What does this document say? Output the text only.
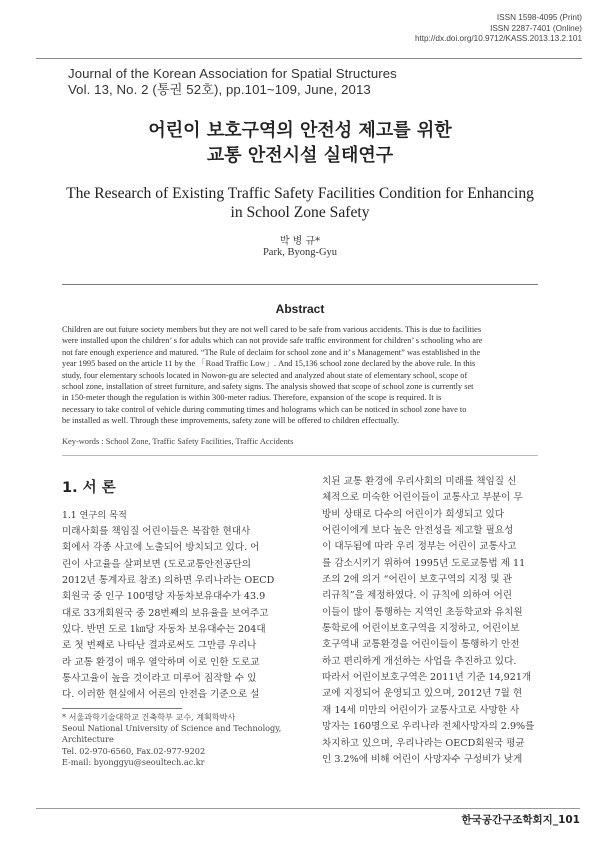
ISSN 1598-4095 (Print)
ISSN 2287-7401 (Online)
http://dx.doi.org/10.9712/KASS.2013.13.2.101
Journal of the Korean Association for Spatial Structures
Vol. 13, No. 2 (통권 52호), pp.101~109, June, 2013
어린이 보호구역의 안전성 제고를 위한
교통 안전시설 실태연구
The Research of Existing Traffic Safety Facilities Condition for Enhancing
in School Zone Safety
박 병 규*
Park, Byong-Gyu
Abstract
Children are out future society members but they are not well cared to be safe from various accidents. This is due to facilities
were installed upon the children’ s for adults which can not provide safe traffic environment for children’ s schooling who are
not fare enough experience and matured. “The Rule of declaim for school zone and it’ s Management” was established in the
year 1995 based on the article 11 by the 「Road Traffic Low」. And 15,136 school zone declared by the above rule. In this
study, four elementary schools located in Nowon-gu are selected and analyzed about state of elementary school, scope of
school zone, installation of street furniture, and safety signs. The analysis showed that scope of school zone is currently set
in 150-meter though the regulation is within 300-meter radius. Therefore, expansion of the scope is required. It is
necessary to take control of vehicle during commuting times and holograms which can be noticed in school zone have to
be installed as well. Through these improvements, safety zone will be offered to children effectually.
Key-words : School Zone, Traffic Safety Facilities, Traffic Accidents
1. 서 론
1.1 연구의 목적
미래사회를 책임질 어린이들은 복잡한 현대사
회에서 각종 사고에 노출되어 방치되고 있다. 어
린이 사고율을 살펴보면 (도로교통안전공단의
2012년 통계자료 참조) 의하면 우리나라는 OECD
회원국 중 인구 100명당 자동차보유대수가 43.9
대로 33개회원국 중 28번째의 보유율을 보여주고
있다. 반면 도로 1㎞당 자동차 보유대수는 204대
로 첫 번째로 나타난 결과로써도 그만큼 우리나
라 교통 환경이 매우 열악하며 이로 인한 도로교
통사고율이 높을 것이라고 미루어 짐작할 수 있
다. 이러한 현실에서 어른의 안전을 기준으로 설
치된 교통 환경에 우리사회의 미래를 책임질 신
체적으로 미숙한 어린이들이 교통사고 부분이 무
방비 상태로 다수의 어린이가 희생되고 있다
어린이에게 보다 높은 안전성을 제고할 필요성
이 대두됨에 따라 우리 정부는 어린이 교통사고
를 감소시키기 위하여 1995년 도로교통법 제 11
조의 2에 의거 “어린이 보호구역의 지정 및 관
리규칙”을 제정하였다. 이 규칙에 의하여 어린
이들이 많이 통행하는 지역인 초등학교와 유치원
통학로에 어린이보호구역을 지정하고, 어린이보
호구역내 교통환경을 어린이들이 통행하기 안전
하고 편리하게 개선하는 사업을 추진하고 있다.
따라서 어린이보호구역은 2011년 기준 14,921개
교에 지정되어 운영되고 있으며, 2012년 7월 현
재 14세 미만의 어린이가 교통사고로 사망한 사
망자는 160명으로 우리나라 전체사망자의 2.9%를
차지하고 있으며, 우리나라는 OECD회원국 평균
인 3.2%에 비해 어린이 사망자수 구성비가 낮게
* 서울과학기술대학교 건축학부 교수, 계획학박사
Seoul National University of Science and Technology,
Architecture
Tel. 02-970-6560, Fax.02-977-9202
E-mail: byonggyu@seoultech.ac.kr
한국공간구조학회지_101
